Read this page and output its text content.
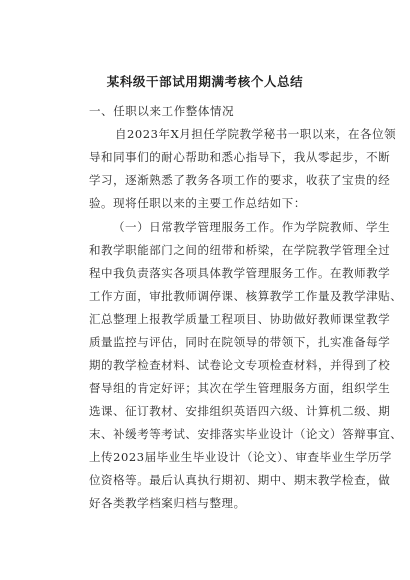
某科级干部试用期满考核个人总结
一、任职以来工作整体情况
自2023年X月担任学院教学秘书一职以来，在各位领
导和同事们的耐心帮助和悉心指导下，我从零起步，不断
学习，逐渐熟悉了教务各项工作的要求，收获了宝贵的经
验。现将任职以来的主要工作总结如下：
（一）日常教学管理服务工作。作为学院教师、学生
和教学职能部门之间的纽带和桥梁，在学院教学管理全过
程中我负责落实各项具体教学管理服务工作。在教师教学
工作方面，审批教师调停课、核算教学工作量及教学津贴、
汇总整理上报教学质量工程项目、协助做好教师课堂教学
质量监控与评估，同时在院领导的带领下，扎实准备每学
期的教学检查材料、试卷论文专项检查材料，并得到了校
督导组的肯定好评；其次在学生管理服务方面，组织学生
选课、征订教材、安排组织英语四六级、计算机二级、期
末、补缓考等考试、安排落实毕业设计（论文）答辩事宜、
上传2023届毕业生毕业设计（论文）、审查毕业生学历学
位资格等。最后认真执行期初、期中、期末教学检查，做
好各类教学档案归档与整理。
